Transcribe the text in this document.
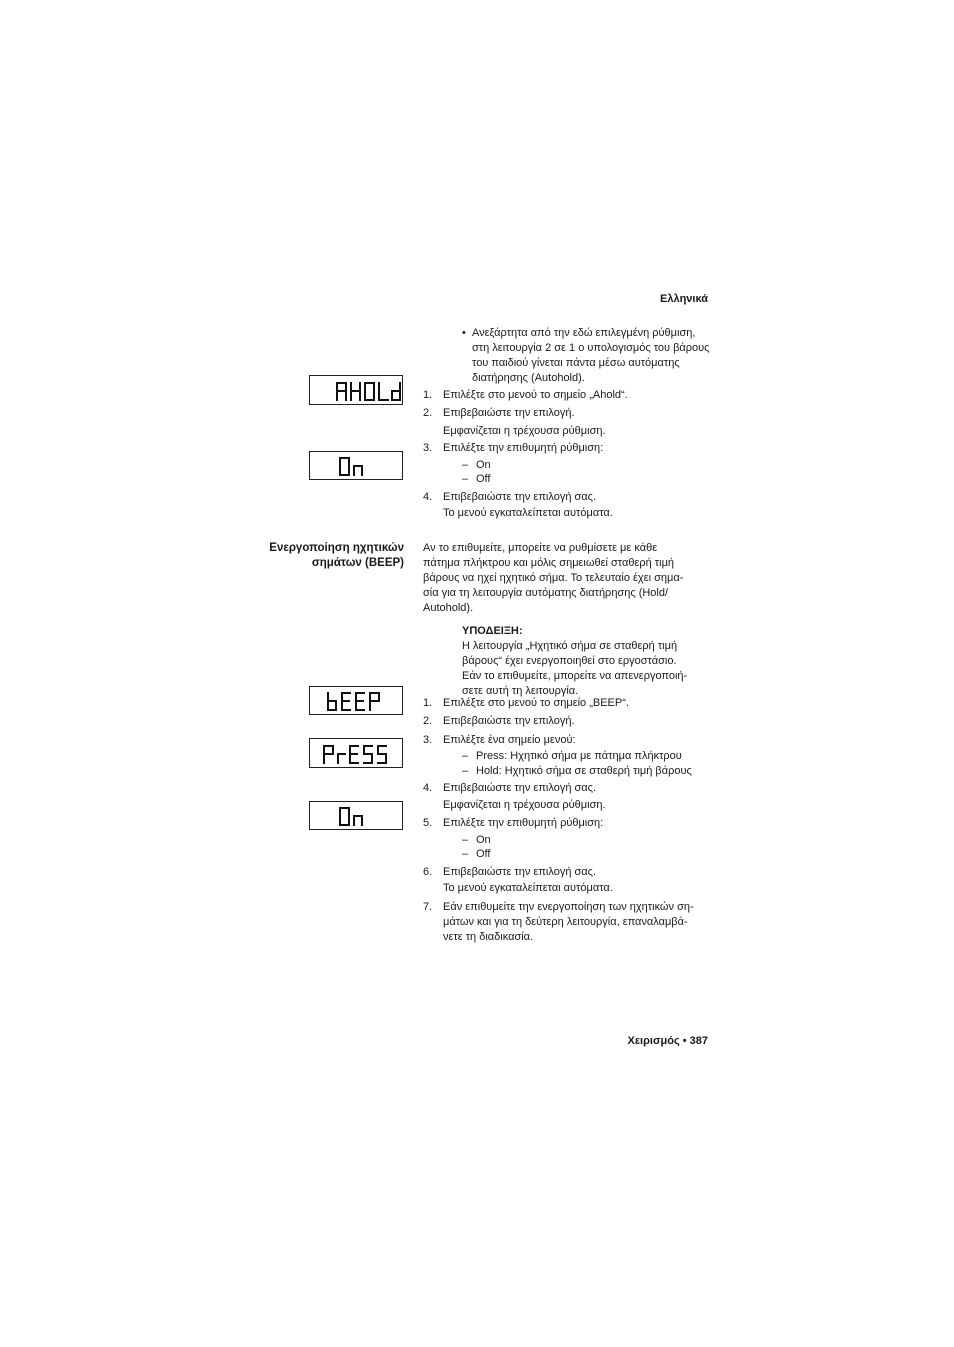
Ελληνικά
• Ανεξάρτητα από την εδώ επιλεγμένη ρύθμιση, στη λειτουργία 2 σε 1 ο υπολογισμός του βάρους του παιδιού γίνεται πάντα μέσω αυτόματης διατήρησης (Autohold).
1. Επιλέξτε στο μενού το σημείο „Ahold“.
2. Επιβεβαιώστε την επιλογή.
Εμφανίζεται η τρέχουσα ρύθμιση.
3. Επιλέξτε την επιθυμητή ρύθμιση:
– On
– Off
4. Επιβεβαιώστε την επιλογή σας.
Το μενού εγκαταλείπεται αυτόματα.
Ενεργοποίηση ηχητικών
σημάτων (BEEP)
Αν το επιθυμείτε, μπορείτε να ρυθμίσετε με κάθε
πάτημα πλήκτρου και μόλις σημειωθεί σταθερή τιμή
βάρους να ηχεί ηχητικό σήμα. Το τελευταίο έχει σημα-
σία για τη λειτουργία αυτόματης διατήρησης (Hold/
Autohold).
ΥΠΟΔΕΙΞΗ:
Η λειτουργία „Ηχητικό σήμα σε σταθερή τιμή
βάρους“ έχει ενεργοποιηθεί στο εργοστάσιο.
Εάν το επιθυμείτε, μπορείτε να απενεργοποιή-
σετε αυτή τη λειτουργία.
1. Επιλέξτε στο μενού το σημείο „BEEP“.
2. Επιβεβαιώστε την επιλογή.
3. Επιλέξτε ένα σημείο μενού:
– Press: Ηχητικό σήμα με πάτημα πλήκτρου
– Hold: Ηχητικό σήμα σε σταθερή τιμή βάρους
4. Επιβεβαιώστε την επιλογή σας.
Εμφανίζεται η τρέχουσα ρύθμιση.
5. Επιλέξτε την επιθυμητή ρύθμιση:
– On
– Off
6. Επιβεβαιώστε την επιλογή σας.
Το μενού εγκαταλείπεται αυτόματα.
7. Εάν επιθυμείτε την ενεργοποίηση των ηχητικών ση-
μάτων και για τη δεύτερη λειτουργία, επαναλαμβά-
νετε τη διαδικασία.
Χειρισμός • 387
